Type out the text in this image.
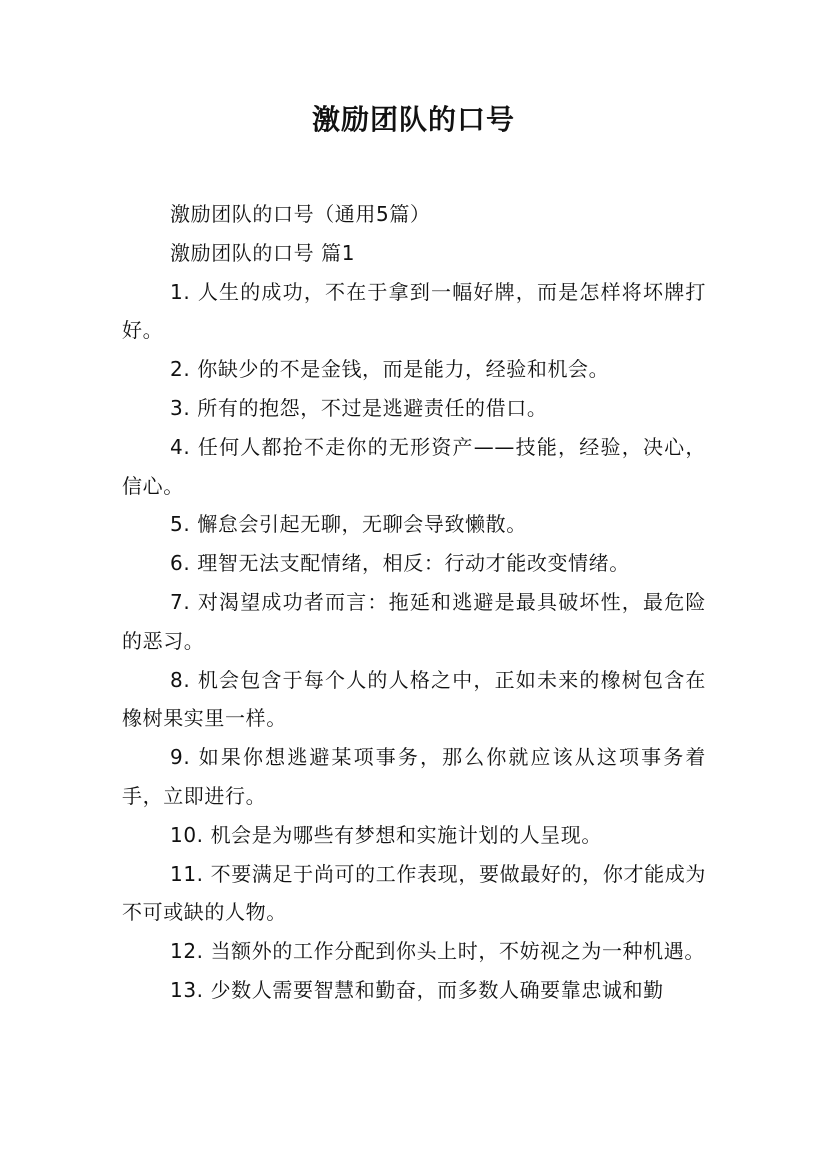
激励团队的口号

激励团队的口号（通用5篇）

激励团队的口号 篇1

1. 人生的成功，不在于拿到一幅好牌，而是怎样将坏牌打好。

2. 你缺少的不是金钱，而是能力，经验和机会。

3. 所有的抱怨，不过是逃避责任的借口。

4. 任何人都抢不走你的无形资产——技能，经验，决心，信心。

5. 懈怠会引起无聊，无聊会导致懒散。

6. 理智无法支配情绪，相反：行动才能改变情绪。

7. 对渴望成功者而言：拖延和逃避是最具破坏性，最危险的恶习。

8. 机会包含于每个人的人格之中，正如未来的橡树包含在橡树果实里一样。

9. 如果你想逃避某项事务，那么你就应该从这项事务着手，立即进行。

10. 机会是为哪些有梦想和实施计划的人呈现。

11. 不要满足于尚可的工作表现，要做最好的，你才能成为不可或缺的人物。

12. 当额外的工作分配到你头上时，不妨视之为一种机遇。

13. 少数人需要智慧和勤奋，而多数人确要靠忠诚和勤
